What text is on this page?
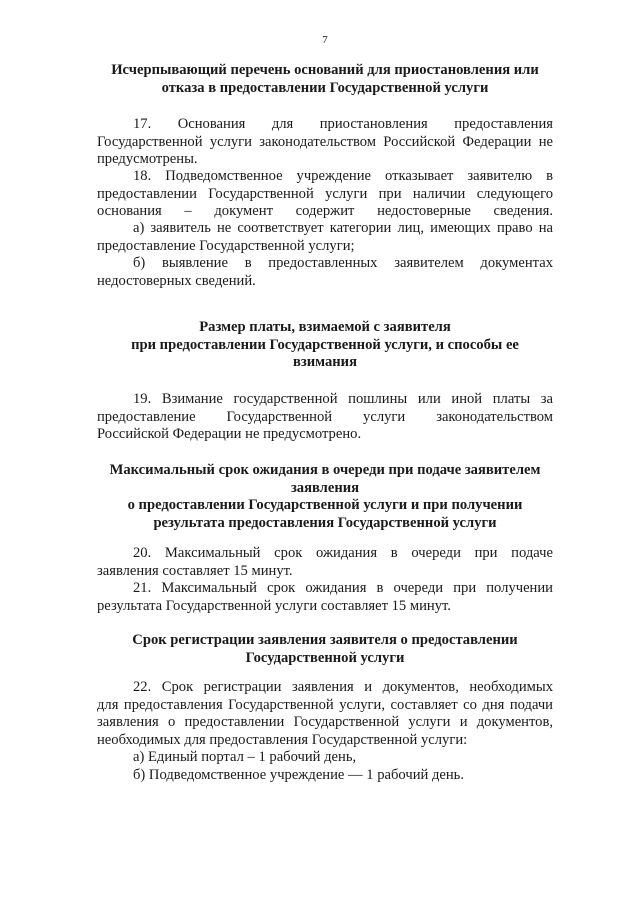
7
Исчерпывающий перечень оснований для приостановления или
отказа в предоставлении Государственной услуги
17. Основания для приостановления предоставления
Государственной услуги законодательством Российской Федерации не
предусмотрены.
18. Подведомственное учреждение отказывает заявителю в
предоставлении Государственной услуги при наличии следующего
основания – документ содержит недостоверные сведения.
а) заявитель не соответствует категории лиц, имеющих право на
предоставление Государственной услуги;
б) выявление в предоставленных заявителем документах
недостоверных сведений.
Размер платы, взимаемой с заявителя
при предоставлении Государственной услуги, и способы ее
взимания
19. Взимание государственной пошлины или иной платы за
предоставление Государственной услуги законодательством
Российской Федерации не предусмотрено.
Максимальный срок ожидания в очереди при подаче заявителем
заявления
о предоставлении Государственной услуги и при получении
результата предоставления Государственной услуги
20. Максимальный срок ожидания в очереди при подаче
заявления составляет 15 минут.
21. Максимальный срок ожидания в очереди при получении
результата Государственной услуги составляет 15 минут.
Срок регистрации заявления заявителя о предоставлении
Государственной услуги
22. Срок регистрации заявления и документов, необходимых
для предоставления Государственной услуги, составляет со дня подачи
заявления о предоставлении Государственной услуги и документов,
необходимых для предоставления Государственной услуги:
а) Единый портал – 1 рабочий день,
б) Подведомственное учреждение — 1 рабочий день.
